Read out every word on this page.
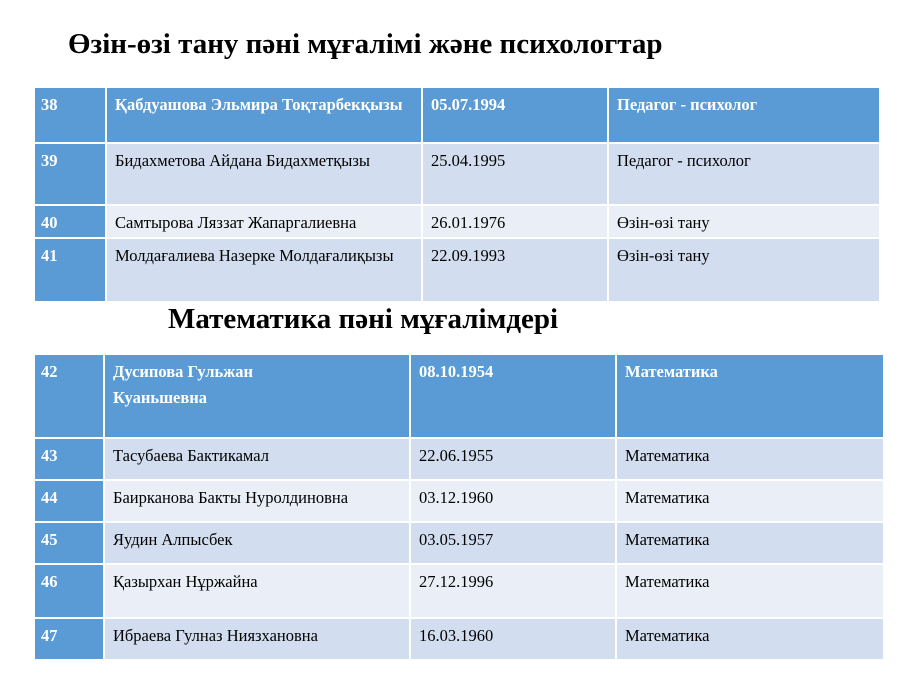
Өзін-өзі тану пәні мұғалімі және психологтар
38	Қабдуашова Эльмира Тоқтарбекқызы	05.07.1994	Педагог - психолог
39	Бидахметова Айдана Бидахметқызы	25.04.1995	Педагог - психолог
40	Самтырова Ляззат Жапаргалиевна	26.01.1976	Өзін-өзі тану
41	Молдағалиева Назерке Молдағалиқызы	22.09.1993	Өзін-өзі тану
Математика пәні мұғалімдері
42	Дусипова Гульжан Куаньшевна	08.10.1954	Математика
43	Тасубаева Бактикамал	22.06.1955	Математика
44	Баирканова Бакты Нуролдиновна	03.12.1960	Математика
45	Яудин Алпысбек	03.05.1957	Математика
46	Қазырхан Нұржайна	27.12.1996	Математика
47	Ибраева Гулназ Ниязхановна	16.03.1960	Математика
